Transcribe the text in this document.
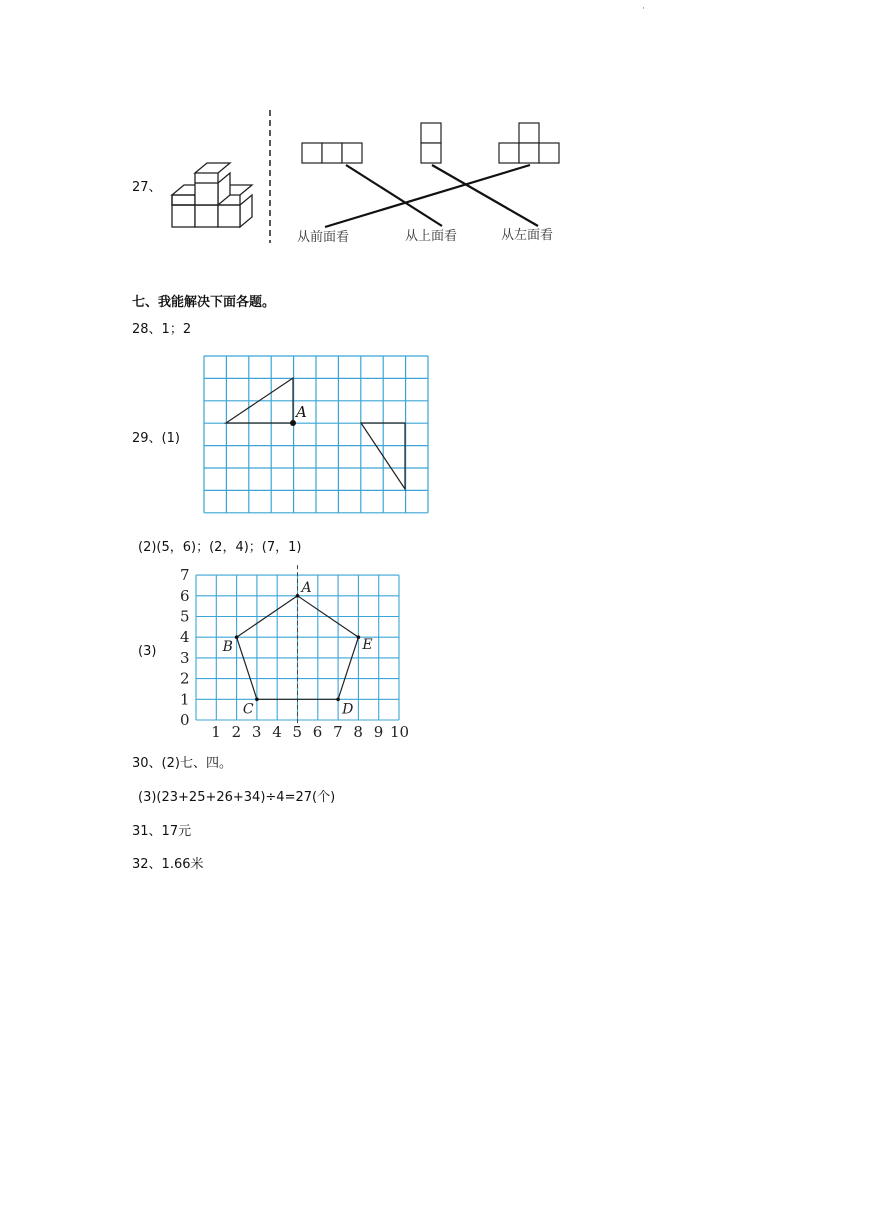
·
27、
从前面看	从上面看	从左面看
七、我能解决下面各题。
28、1；2
29、(1)
A
(2)(5，6)；(2，4)；(7，1)
(3)
1 2 3 4 5 6 7 8 9 10
0
1
2
3
4
5
6
7
A
B
C	D
E
30、(2)七、四。
(3)(23+25+26+34)÷4=27(个)
31、17元
32、1.66米
